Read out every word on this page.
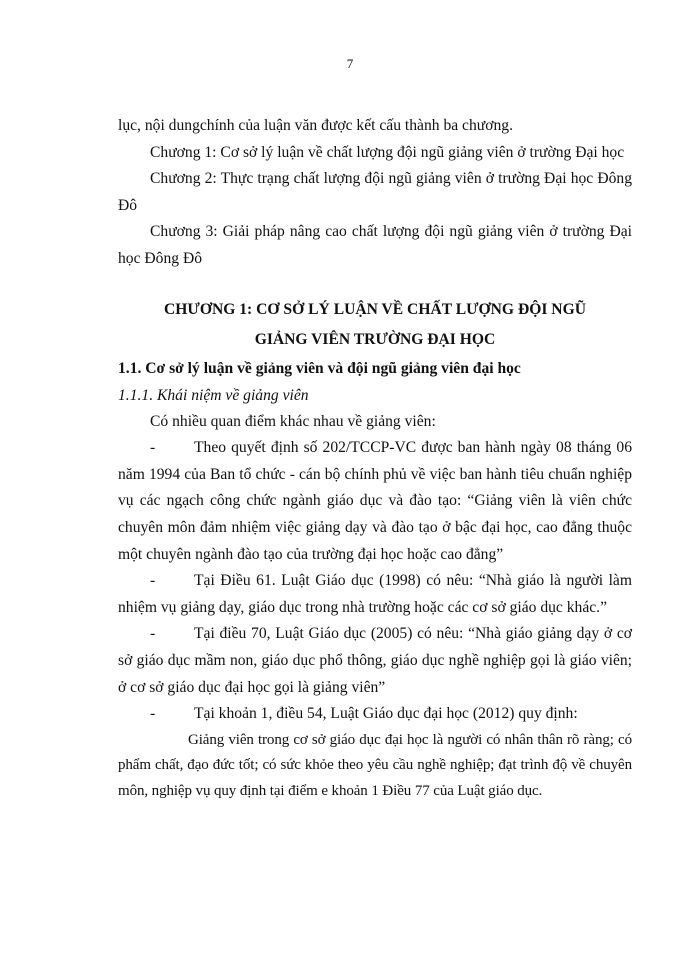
7

lục, nội dungchính của luận văn được kết cấu thành ba chương.

Chương 1: Cơ sở lý luận về chất lượng đội ngũ giảng viên ở trường Đại học

Chương 2: Thực trạng chất lượng đội ngũ giảng viên ở trường Đại học Đông Đô

Chương 3: Giải pháp nâng cao chất lượng đội ngũ giảng viên ở trường Đại học Đông Đô

CHƯƠNG 1: CƠ SỞ LÝ LUẬN VỀ CHẤT LƯỢNG ĐỘI NGŨ
GIẢNG VIÊN TRƯỜNG ĐẠI HỌC

1.1. Cơ sở lý luận về giảng viên và đội ngũ giảng viên đại học

1.1.1. Khái niệm về giảng viên

Có nhiều quan điểm khác nhau về giảng viên:

- Theo quyết định số 202/TCCP-VC được ban hành ngày 08 tháng 06 năm 1994 của Ban tổ chức - cán bộ chính phủ về việc ban hành tiêu chuẩn nghiệp vụ các ngạch công chức ngành giáo dục và đào tạo: “Giảng viên là viên chức chuyên môn đảm nhiệm việc giảng dạy và đào tạo ở bậc đại học, cao đẳng thuộc một chuyên ngành đào tạo của trường đại học hoặc cao đẳng”

- Tại Điều 61. Luật Giáo dục (1998) có nêu: “Nhà giáo là người làm nhiệm vụ giảng dạy, giáo dục trong nhà trường hoặc các cơ sở giáo dục khác.”

- Tại điều 70, Luật Giáo dục (2005) có nêu: “Nhà giáo giảng dạy ở cơ sở giáo dục mầm non, giáo dục phổ thông, giáo dục nghề nghiệp gọi là giáo viên; ở cơ sở giáo dục đại học gọi là giảng viên”

- Tại khoản 1, điều 54, Luật Giáo dục đại học (2012) quy định:

Giảng viên trong cơ sở giáo dục đại học là người có nhân thân rõ ràng; có phẩm chất, đạo đức tốt; có sức khỏe theo yêu cầu nghề nghiệp; đạt trình độ về chuyên môn, nghiệp vụ quy định tại điểm e khoản 1 Điều 77 của Luật giáo dục.
